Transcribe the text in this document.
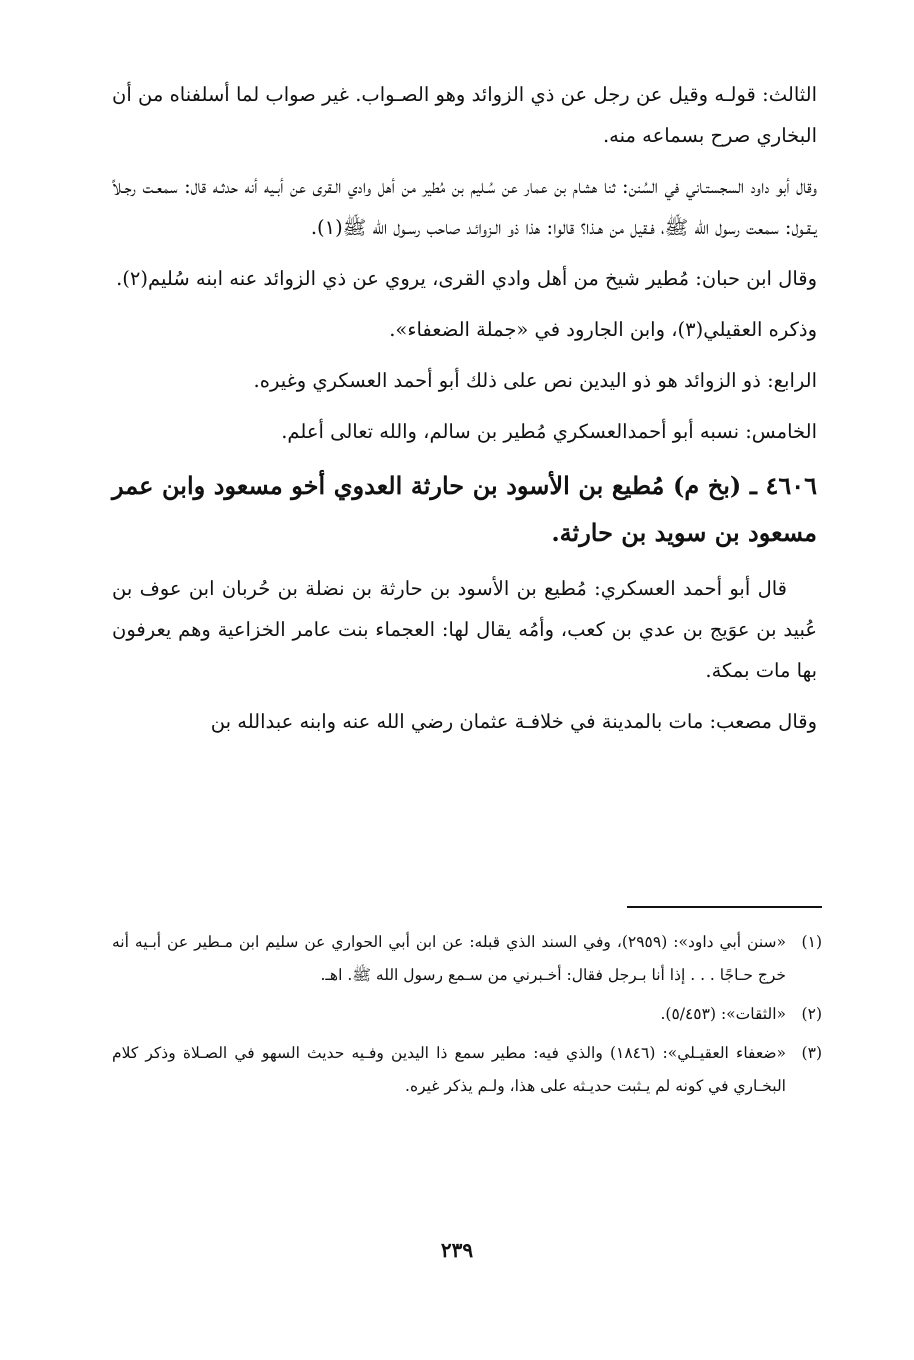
الثالث: قولـه وقيل عن رجل عن ذي الزوائد وهو الصـواب. غير صواب لما أسلفناه من أن البخاري صرح بسماعه منه.

وقال أبو داود السجستـاني في السُنن: ثنا هشام بن عمار عن سُـليم بن مُطير من أهل وادي الـقرى عن أبـيه أنه حدثـه قال: سمعـت رجـلاً يـقـول: سمعت رسول الله ﷺ، فـقيل من هـذا؟ قالوا: هذا ذو الـزوائـد صاحب رسـول الله ﷺ(١).

وقال ابن حبان: مُطير شيخ من أهل وادي القرى، يروي عن ذي الزوائد عنه ابنه سُليم(٢).

وذكره العقيلي(٣)، وابن الجارود في «جملة الضعفاء».

الرابع: ذو الزوائد هو ذو اليدين نص على ذلك أبو أحمد العسكري وغيره.

الخامس: نسبه أبو أحمدالعسكري مُطير بن سالم، والله تعالى أعلم.

٤٦٠٦ ـ (بخ م) مُطيع بن الأسود بن حارثة العدوي أخو مسعود وابن عمر مسعود بن سويد بن حارثة.

قال أبو أحمد العسكري: مُطيع بن الأسود بن حارثة بن نضلة بن حُربان ابن عوف بن عُبيد بن عوَيج بن عدي بن كعب، وأمُه يقال لها: العجماء بنت عامر الخزاعية وهم يعرفون بها مات بمكة.

وقال مصعب: مات بالمدينة في خلافـة عثمان رضي الله عنه وابنه عبدالله بن

(١)
«سنن أبي داود»: (٢٩٥٩)، وفي السند الذي قبله: عن ابن أبي الحواري عن سليم ابن مـطير عن أبـيه أنه خرج حـاجًا . . . إذا أنا بـرجل فقال: أخـبرني من سـمع رسول الله ﷺ. اهـ.
(٢)
«الثقات»: (٥/٤٥٣).
(٣)
«ضعفاء العقيـلي»: (١٨٤٦) والذي فيه: مطير سمع ذا اليدين وفـيه حديث السهو في الصـلاة وذكر كلام البخـاري في كونه لم يـثبت حديـثه على هذا، ولـم يذكر غيره.
٢٣٩
